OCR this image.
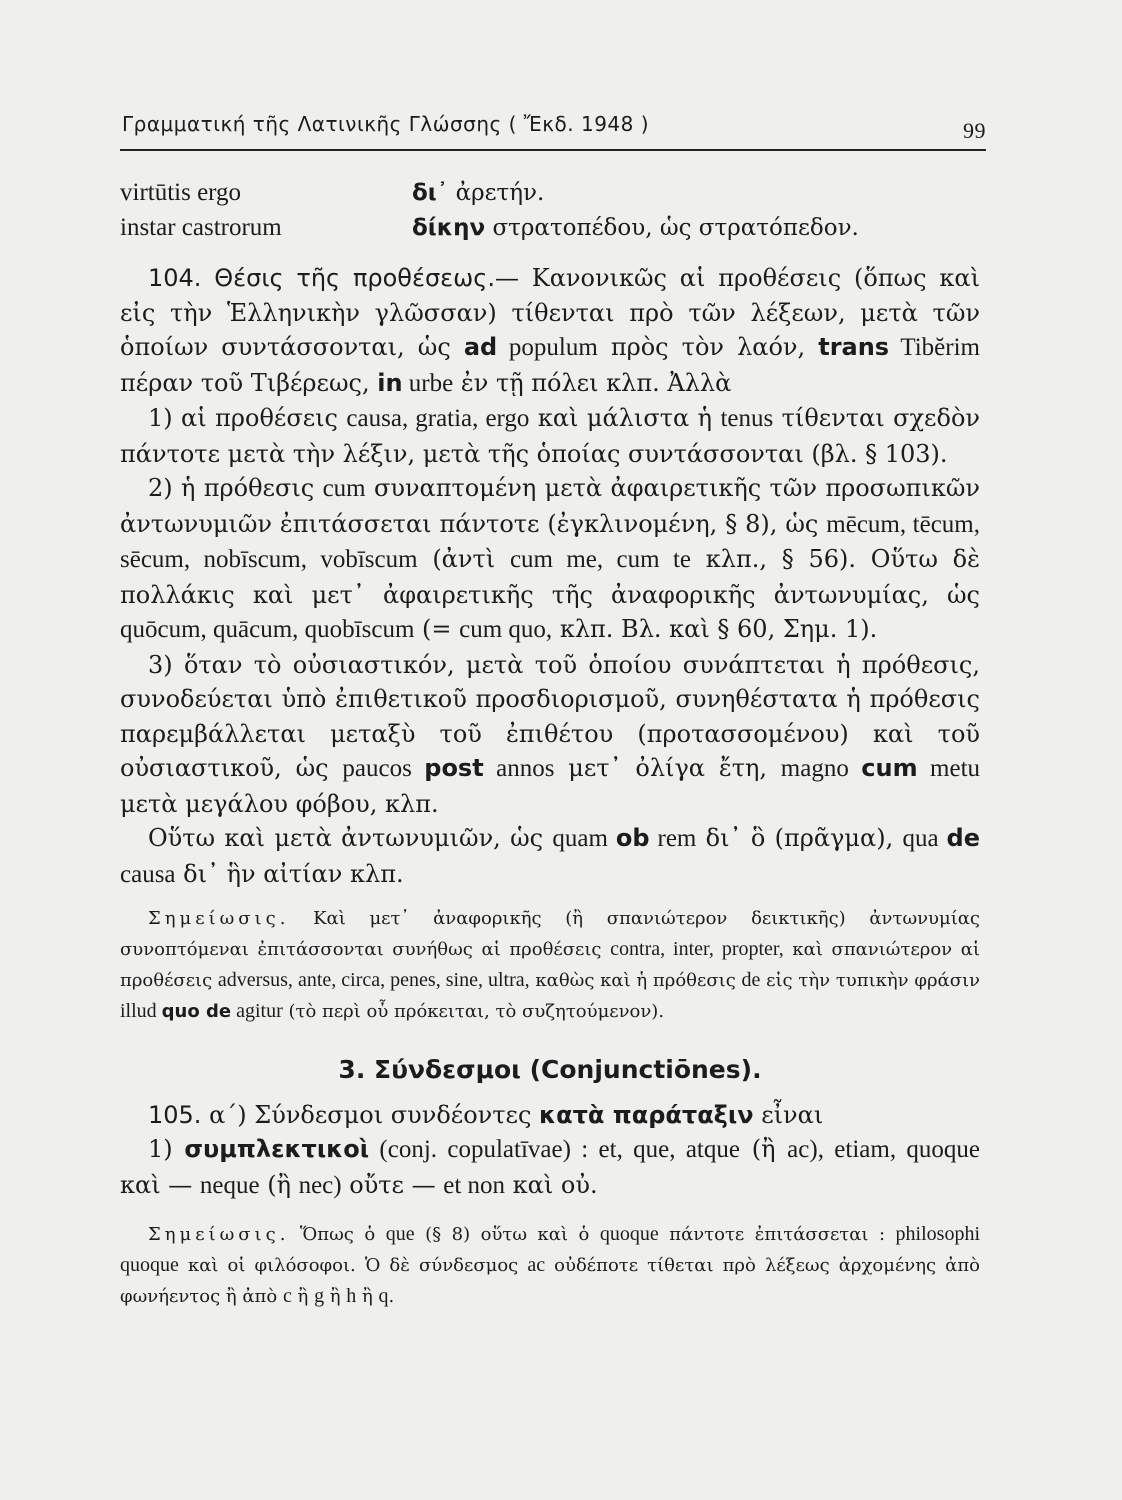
Γραμματική τῆς Λατινικῆς Γλώσσης ( Ἔκδ. 1948 )	99
virtūtis ergo	δι᾿ ἀρετήν.
instar castrorum	δίκην στρατοπέδου, ὡς στρατόπεδον.

104. Θέσις τῆς προθέσεως.— Κανονικῶς αἱ προθέσεις (ὅπως καὶ εἰς τὴν Ἑλληνικὴν γλῶσσαν) τίθενται πρὸ τῶν λέξεων, μετὰ τῶν ὁποίων συντάσσονται, ὡς ad populum πρὸς τὸν λαόν, trans Tibĕrim πέραν τοῦ Τιβέρεως, in urbe ἐν τῇ πόλει κλπ. Ἀλλὰ

1) αἱ προθέσεις causa, gratia, ergo καὶ μάλιστα ἡ tenus τίθενται σχεδὸν πάντοτε μετὰ τὴν λέξιν, μετὰ τῆς ὁποίας συντάσσονται (βλ. § 103).

2) ἡ πρόθεσις cum συναπτομένη μετὰ ἀφαιρετικῆς τῶν προσωπικῶν ἀντωνυμιῶν ἐπιτάσσεται πάντοτε (ἐγκλινομένη, § 8), ὡς mēcum, tēcum, sēcum, nobīscum, vobīscum (ἀντὶ cum me, cum te κλπ., § 56). Οὕτω δὲ πολλάκις καὶ μετ᾿ ἀφαιρετικῆς τῆς ἀναφορικῆς ἀντωνυμίας, ὡς quōcum, quācum, quobīscum (= cum quo, κλπ. Βλ. καὶ § 60, Σημ. 1).

3) ὅταν τὸ οὐσιαστικόν, μετὰ τοῦ ὁποίου συνάπτεται ἡ πρόθεσις, συνοδεύεται ὑπὸ ἐπιθετικοῦ προσδιορισμοῦ, συνηθέστατα ἡ πρόθεσις παρεμβάλλεται μεταξὺ τοῦ ἐπιθέτου (προτασσομένου) καὶ τοῦ οὐσιαστικοῦ, ὡς paucos post annos μετ᾿ ὀλίγα ἔτη, magno cum metu μετὰ μεγάλου φόβου, κλπ.

Οὕτω καὶ μετὰ ἀντωνυμιῶν, ὡς quam ob rem δι᾿ ὃ (πρᾶγμα), qua de causa δι᾿ ἣν αἰτίαν κλπ.

Σημείωσις. Καὶ μετ᾿ ἀναφορικῆς (ἢ σπανιώτερον δεικτικῆς) ἀντωνυμίας συνοπτόμεναι ἐπιτάσσονται συνήθως αἱ προθέσεις contra, inter, propter, καὶ σπανιώτερον αἱ προθέσεις adversus, ante, circa, penes, sine, ultra, καθὼς καὶ ἡ πρόθεσις de εἰς τὴν τυπικὴν φράσιν illud quo de agitur (τὸ περὶ οὗ πρόκειται, τὸ συζητούμενον).

3. Σύνδεσμοι (Conjunctiōnes).

105. α΄) Σύνδεσμοι συνδέοντες κατὰ παράταξιν εἶναι

1) συμπλεκτικοὶ (conj. copulatīvae) : et, que, atque (ἢ ac), etiam, quoque καὶ — neque (ἢ nec) οὔτε — et non καὶ οὐ.

Σημείωσις. Ὅπως ὁ que (§ 8) οὕτω καὶ ὁ quoque πάντοτε ἐπιτάσσεται : philosophi quoque καὶ οἱ φιλόσοφοι. Ὁ δὲ σύνδεσμος ac οὐδέποτε τίθεται πρὸ λέξεως ἀρχομένης ἀπὸ φωνήεντος ἢ ἀπὸ c ἢ g ἢ h ἢ q.
